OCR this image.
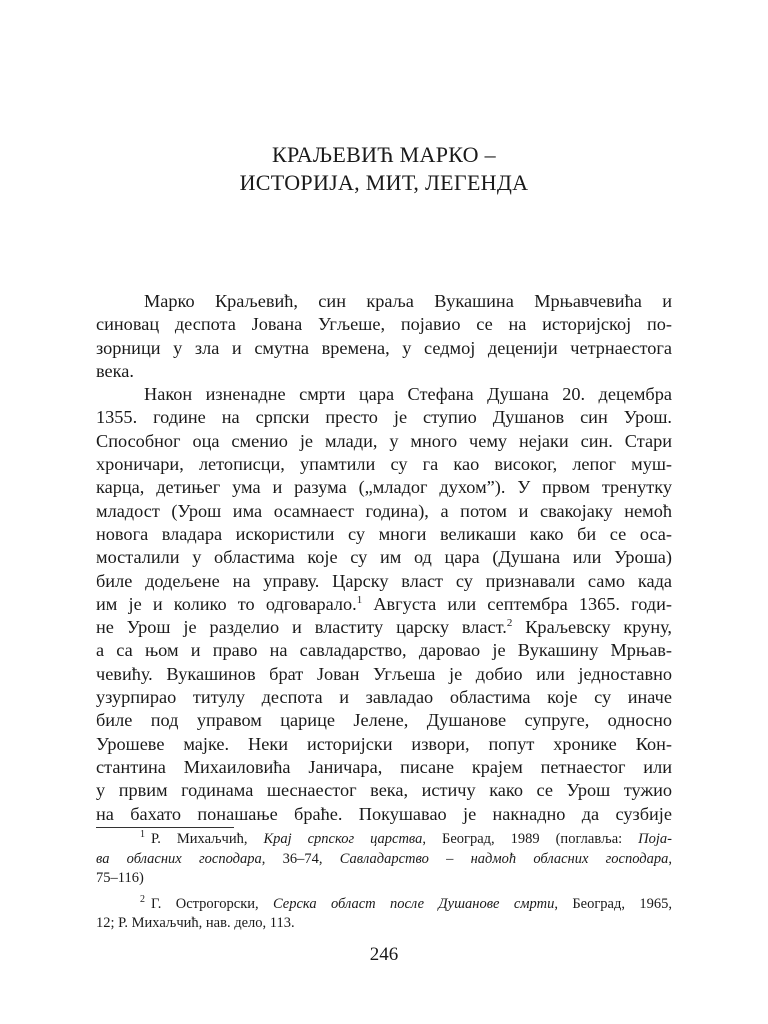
КРАЉЕВИЋ МАРКО –
ИСТОРИЈА, МИТ, ЛЕГЕНДА
Марко Краљевић, син краља Вукашина Мрњавчевића и
синовац деспота Јована Угљеше, појавио се на историјској по-
зорници у зла и смутна времена, у седмој деценији четрнаестога
века.
Након изненадне смрти цара Стефана Душана 20. децембра
1355. године на српски престо је ступио Душанов син Урош.
Способног оца сменио је млади, у много чему нејаки син. Стари
хроничари, летописци, упамтили су га као високог, лепог муш-
карца, детињег ума и разума („младог духом”). У првом тренутку
младост (Урош има осамнаест година), а потом и свакојаку немоћ
новога владара искористили су многи великаши како би се оса-
мосталили у областима које су им од цара (Душана или Уроша)
биле додељене на управу. Царску власт су признавали само када
им је и колико то одговарало.$^1$ Августа или септембра 1365. годи-
не Урош је разделио и властиту царску власт.$^2$ Краљевску круну,
а са њом и право на савладарство, даровао је Вукашину Мрњав-
чевићу. Вукашинов брат Јован Угљеша је добио или једноставно
узурпирао титулу деспота и завладао областима које су иначе
биле под управом царице Јелене, Душанове супруге, односно
Урошеве мајке. Неки историјски извори, попут хронике Кон-
стантина Михаиловића Јаничара, писане крајем петнаестог или
у првим годинама шеснаестог века, истичу како се Урош тужио
на бахато понашање браће. Покушавао је накнадно да сузбије
$^1$ Р. Михаљчић, Крај српског царства, Београд, 1989 (поглавља: Поја-
ва обласних господара, 36–74, Савладарство – надмоћ обласних господара,
75–116)
$^2$ Г. Острогорски, Серска област после Душанове смрти, Београд, 1965,
12; Р. Михаљчић, нав. дело, 113.
246
